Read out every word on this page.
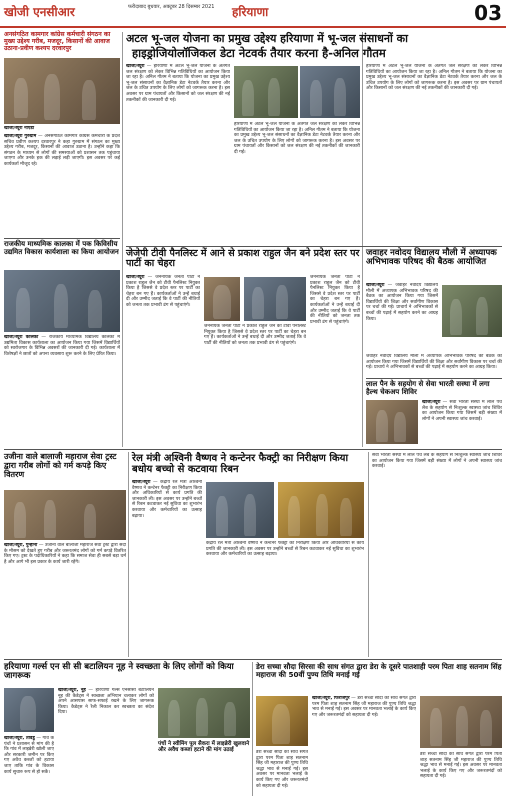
खोजी एनसीआर	फरीदाबाद बुधवार, अक्टूबर 28 दिसम्बर 2021	हरियाणा	03
अनसंगठित कामगार कांग्रेस कर्मचारी संगठन का मुख्य उद्देश्य गरीब, मजदूर, किसानों की आवाज उठाना-प्रवीण कश्यप दरवारपुर
खोजी/ब्यूरो नोएडा
खोजी/ब्यूरो गुरुग्राम — अनसंगठित कामगार कांग्रेस कर्मचारी के प्रदेश सचिव प्रवीण कश्यप दरवारपुर ने कहा गुरुग्राम में संगठन का मुख्य उद्देश्य गरीब, मजदूर, किसानों की आवाज उठाना है। उन्होंने कहा कि संगठन के माध्यम से लोगों की समस्याओं को प्रशासन तक पहुंचाया जाएगा और उनके हक की लड़ाई लड़ी जाएगी। इस अवसर पर कई कार्यकर्ता मौजूद रहे।
राजकीय माध्यमिक कालका में पक कि‍विसीय उद्यमित विकास कार्यशाला का किया आयोजन
खोजी/ब्यूरो कालका — राजकीय माध्यमिक विद्यालय कालका में उद्यमिता विकास कार्यशाला का आयोजन किया गया जिसमें विद्यार्थियों को स्वरोजगार के विभिन्न अवसरों की जानकारी दी गई। कार्यशाला में विशेषज्ञों ने छात्रों को अपना व्यवसाय शुरू करने के लिए प्रेरित किया।
अटल भू-जल योजना का प्रमुख उद्देश्य हरियाणा में भू-जल संसाधनों का
हाइड्रोजियोलॉजिकल डेटा नेटवर्क तैयार करना है-अनिल गौतम
खोजी/ब्यूरो — हरियाणा में अटल भू-जल योजना के अंतर्गत जल संरक्षण को लेकर विभिन्न गतिविधियों का आयोजन किया जा रहा है। अनिल गौतम ने बताया कि योजना का प्रमुख उद्देश्य भू-जल संसाधनों का वैज्ञानिक डेटा नेटवर्क तैयार करना और जल के उचित उपयोग के लिए लोगों को जागरूक करना है। इस अवसर पर ग्राम पंचायतों और किसानों को जल संरक्षण की नई तकनीकों की जानकारी दी गई।
हरियाणा में अटल भू-जल योजना के अंतर्गत जल संरक्षण को लेकर विभिन्न गतिविधियों का आयोजन किया जा रहा है। अनिल गौतम ने बताया कि योजना का प्रमुख उद्देश्य भू-जल संसाधनों का वैज्ञानिक डेटा नेटवर्क तैयार करना और जल के उचित उपयोग के लिए लोगों को जागरूक करना है। इस अवसर पर ग्राम पंचायतों और किसानों को जल संरक्षण की नई तकनीकों की जानकारी दी गई।
हरियाणा में अटल भू-जल योजना के अंतर्गत जल संरक्षण को लेकर विभिन्न गतिविधियों का आयोजन किया जा रहा है। अनिल गौतम ने बताया कि योजना का प्रमुख उद्देश्य भू-जल संसाधनों का वैज्ञानिक डेटा नेटवर्क तैयार करना और जल के उचित उपयोग के लिए लोगों को जागरूक करना है। इस अवसर पर ग्राम पंचायतों और किसानों को जल संरक्षण की नई तकनीकों की जानकारी दी गई।
जेजेपी टीवी पैनलिस्ट में आने से प्रकाश राहुल जैन बने प्रदेश स्तर पर पार्टी का चेहरा
खोजी/ब्यूरो — जननायक जनता पार्टी ने प्रकाश राहुल जैन को टीवी पैनलिस्ट नियुक्त किया है जिससे वे प्रदेश स्तर पर पार्टी का चेहरा बन गए हैं। कार्यकर्ताओं ने उन्हें बधाई दी और उम्मीद जताई कि वे पार्टी की नीतियों को जनता तक प्रभावी ढंग से पहुंचाएंगे।
जननायक जनता पार्टी ने प्रकाश राहुल जैन को टीवी पैनलिस्ट नियुक्त किया है जिससे वे प्रदेश स्तर पर पार्टी का चेहरा बन गए हैं। कार्यकर्ताओं ने उन्हें बधाई दी और उम्मीद जताई कि वे पार्टी की नीतियों को जनता तक प्रभावी ढंग से पहुंचाएंगे।
जननायक जनता पार्टी ने प्रकाश राहुल जैन को टीवी पैनलिस्ट नियुक्त किया है जिससे वे प्रदेश स्तर पर पार्टी का चेहरा बन गए हैं। कार्यकर्ताओं ने उन्हें बधाई दी और उम्मीद जताई कि वे पार्टी की नीतियों को जनता तक प्रभावी ढंग से पहुंचाएंगे।
जवाहर नवोदय विद्यालय मौली में अध्यापक अभिभावक परिषद की बैठक आयोजित
खोजी/ब्यूरो — जवाहर नवोदय विद्यालय मौली में अध्यापक अभिभावक परिषद की बैठक का आयोजन किया गया जिसमें विद्यार्थियों की शिक्षा और सर्वांगीण विकास पर चर्चा की गई। प्राचार्य ने अभिभावकों से बच्चों की पढ़ाई में सहयोग करने का आग्रह किया।
जवाहर नवोदय विद्यालय मौली में अध्यापक अभिभावक परिषद की बैठक का आयोजन किया गया जिसमें विद्यार्थियों की शिक्षा और सर्वांगीण विकास पर चर्चा की गई। प्राचार्य ने अभिभावकों से बच्चों की पढ़ाई में सहयोग करने का आग्रह किया।
लाल पैन के सहयोग से सेवा भारती सस्था में लगा हैल्थ चेकअप शिविर
खोजी/ब्यूरो — सेवा भारती संस्था में लाल पैथ लैब के सहयोग से निःशुल्क स्वास्थ्य जांच शिविर का आयोजन किया गया जिसमें बड़ी संख्या में लोगों ने अपनी स्वास्थ्य जांच करवाई।
उजीना वाले बालाजी महाराज सेवा ट्रस्ट द्वारा गरीब लोगों को गर्म कपड़े किए वितरण
खोजी/ब्यूरो, पुन्हाना — उजीना वाले बालाजी महाराज सेवा ट्रस्ट द्वारा सर्दी के मौसम को देखते हुए गरीब और जरूरतमंद लोगों को गर्म कपड़े वितरित किए गए। ट्रस्ट के पदाधिकारियों ने कहा कि समाज सेवा ही सबसे बड़ा धर्म है और आगे भी इस प्रकार के कार्य जारी रहेंगे।
रेल मंत्री अश्विनी वैष्णव ने कन्टेनर फैक्ट्री का निरीक्षण किया बधोय बच्चो से कटवाया रिबन
खोजी/ब्यूरो — केंद्रीय रेल मंत्री अश्विनी वैष्णव ने कन्टेनर फैक्ट्री का निरीक्षण किया और अधिकारियों से कार्य प्रगति की जानकारी ली। इस अवसर पर उन्होंने बच्चों से रिबन कटवाकर नई सुविधा का शुभारंभ करवाया और कर्मचारियों का उत्साह बढ़ाया।
केंद्रीय रेल मंत्री अश्विनी वैष्णव ने कन्टेनर फैक्ट्री का निरीक्षण किया और अधिकारियों से कार्य प्रगति की जानकारी ली। इस अवसर पर उन्होंने बच्चों से रिबन कटवाकर नई सुविधा का शुभारंभ करवाया और कर्मचारियों का उत्साह बढ़ाया।
सेवा भारती संस्था में लाल पैथ लैब के सहयोग से निःशुल्क स्वास्थ्य जांच शिविर का आयोजन किया गया जिसमें बड़ी संख्या में लोगों ने अपनी स्वास्थ्य जांच करवाई।
हरियाणा गर्ल्स एन सी सी बटालियन नूह ने स्वच्छता के लिए लोगों को किया जागरूक
खोजी/ब्यूरो, नूह — हरियाणा गर्ल्स एनसीसी बटालियन नूह की कैडेट्स ने स्वच्छता अभियान चलाकर लोगों को अपने आसपास साफ-सफाई रखने के लिए जागरूक किया। कैडेट्स ने रैली निकाल कर स्वच्छता का संदेश दिया।
खोजी/ब्यूरो, तावडू — गांव के पंचों ने प्रशासन से मांग की है कि गांव में लाइब्रेरी खोली जाए और सरकारी जमीन पर किए गए अवैध कब्जों को हटाया जाए ताकि गांव के विकास कार्य सुचारु रूप से हो सकें।
पंचों ने स्वीमिंग पूल सैकरा में लाइब्रेरी खुलवाने और अवैध कब्जा हटाने की मांग उठाई
डेरा सच्चा सौदा सिरसा की साध संगत द्वारा डेरा के दूसरे पातशाही परम पिता शाह सतनाम सिंह महाराज की 50वीं पुण्य तिथि मनाई गई
खोजी/ब्यूरो, फिरोजपुर — डेरा सच्चा सौदा की साध संगत द्वारा परम पिता शाह सतनाम सिंह जी महाराज की पुण्य तिथि श्रद्धा भाव से मनाई गई। इस अवसर पर मानवता भलाई के कार्य किए गए और जरूरतमंदों को सहायता दी गई।
डेरा सच्चा सौदा की साध संगत द्वारा परम पिता शाह सतनाम सिंह जी महाराज की पुण्य तिथि श्रद्धा भाव से मनाई गई। इस अवसर पर मानवता भलाई के कार्य किए गए और जरूरतमंदों को सहायता दी गई।
डेरा सच्चा सौदा की साध संगत द्वारा परम पिता शाह सतनाम सिंह जी महाराज की पुण्य तिथि श्रद्धा भाव से मनाई गई। इस अवसर पर मानवता भलाई के कार्य किए गए और जरूरतमंदों को सहायता दी गई।
